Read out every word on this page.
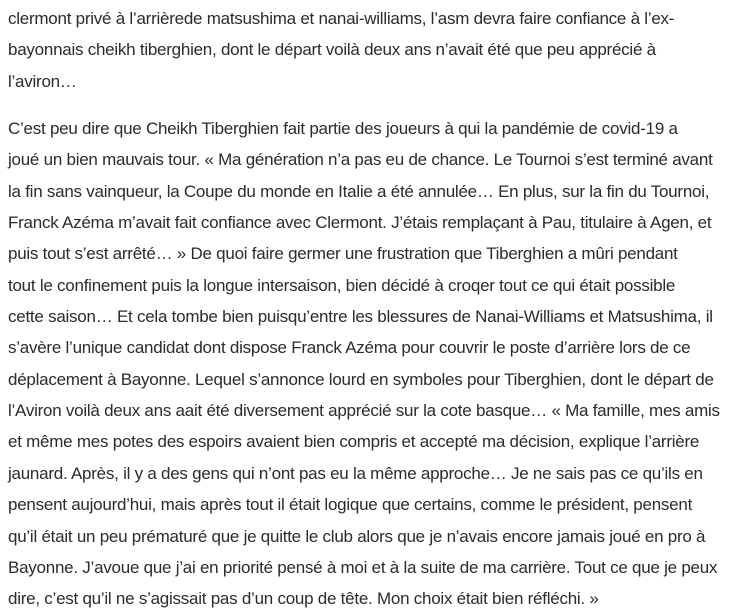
clermont privé à l’arrièrede matsushima et nanai-williams, l’asm devra faire confiance à l’ex-
bayonnais cheikh tiberghien, dont le départ voilà deux ans n’avait été que peu apprécié à
l’aviron…

C’est peu dire que Cheikh Tiberghien fait partie des joueurs à qui la pandémie de covid-19 a
joué un bien mauvais tour. « Ma génération n’a pas eu de chance. Le Tournoi s’est terminé avant
la fin sans vainqueur, la Coupe du monde en Italie a été annulée… En plus, sur la fin du Tournoi,
Franck Azéma m’avait fait confiance avec Clermont. J’étais remplaçant à Pau, titulaire à Agen, et
puis tout s’est arrêté… » De quoi faire germer une frustration que Tiberghien a mûri pendant
tout le confinement puis la longue intersaison, bien décidé à croqer tout ce qui était possible
cette saison… Et cela tombe bien puisqu’entre les blessures de Nanai-Williams et Matsushima, il
s’avère l’unique candidat dont dispose Franck Azéma pour couvrir le poste d’arrière lors de ce
déplacement à Bayonne. Lequel s’annonce lourd en symboles pour Tiberghien, dont le départ de
l’Aviron voilà deux ans aait été diversement apprécié sur la cote basque… « Ma famille, mes amis
et même mes potes des espoirs avaient bien compris et accepté ma décision, explique l’arrière
jaunard. Après, il y a des gens qui n’ont pas eu la même approche… Je ne sais pas ce qu’ils en
pensent aujourd’hui, mais après tout il était logique que certains, comme le président, pensent
qu’il était un peu prématuré que je quitte le club alors que je n’avais encore jamais joué en pro à
Bayonne. J’avoue que j’ai en priorité pensé à moi et à la suite de ma carrière. Tout ce que je peux
dire, c’est qu’il ne s’agissait pas d’un coup de tête. Mon choix était bien réfléchi. »
